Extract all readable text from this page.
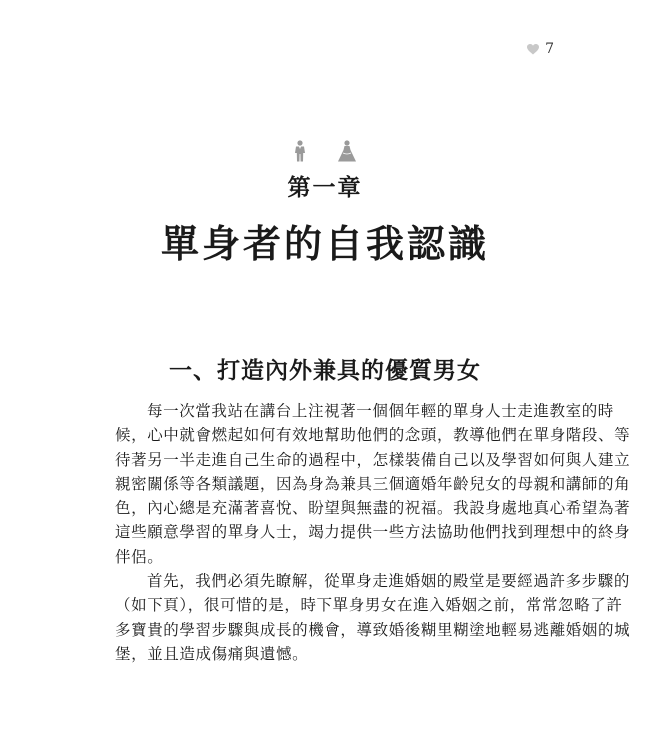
7
第一章
單身者的自我認識
一、打造內外兼具的優質男女
每一次當我站在講台上注視著一個個年輕的單身人士走進教室的時
候，心中就會燃起如何有效地幫助他們的念頭，教導他們在單身階段、等
待著另一半走進自己生命的過程中，怎樣裝備自己以及學習如何與人建立
親密關係等各類議題，因為身為兼具三個適婚年齡兒女的母親和講師的角
色，內心總是充滿著喜悅、盼望與無盡的祝福。我設身處地真心希望為著
這些願意學習的單身人士，竭力提供一些方法協助他們找到理想中的終身
伴侶。
首先，我們必須先瞭解，從單身走進婚姻的殿堂是要經過許多步驟的
（如下頁），很可惜的是，時下單身男女在進入婚姻之前，常常忽略了許
多寶貴的學習步驟與成長的機會，導致婚後糊里糊塗地輕易逃離婚姻的城
堡，並且造成傷痛與遺憾。
